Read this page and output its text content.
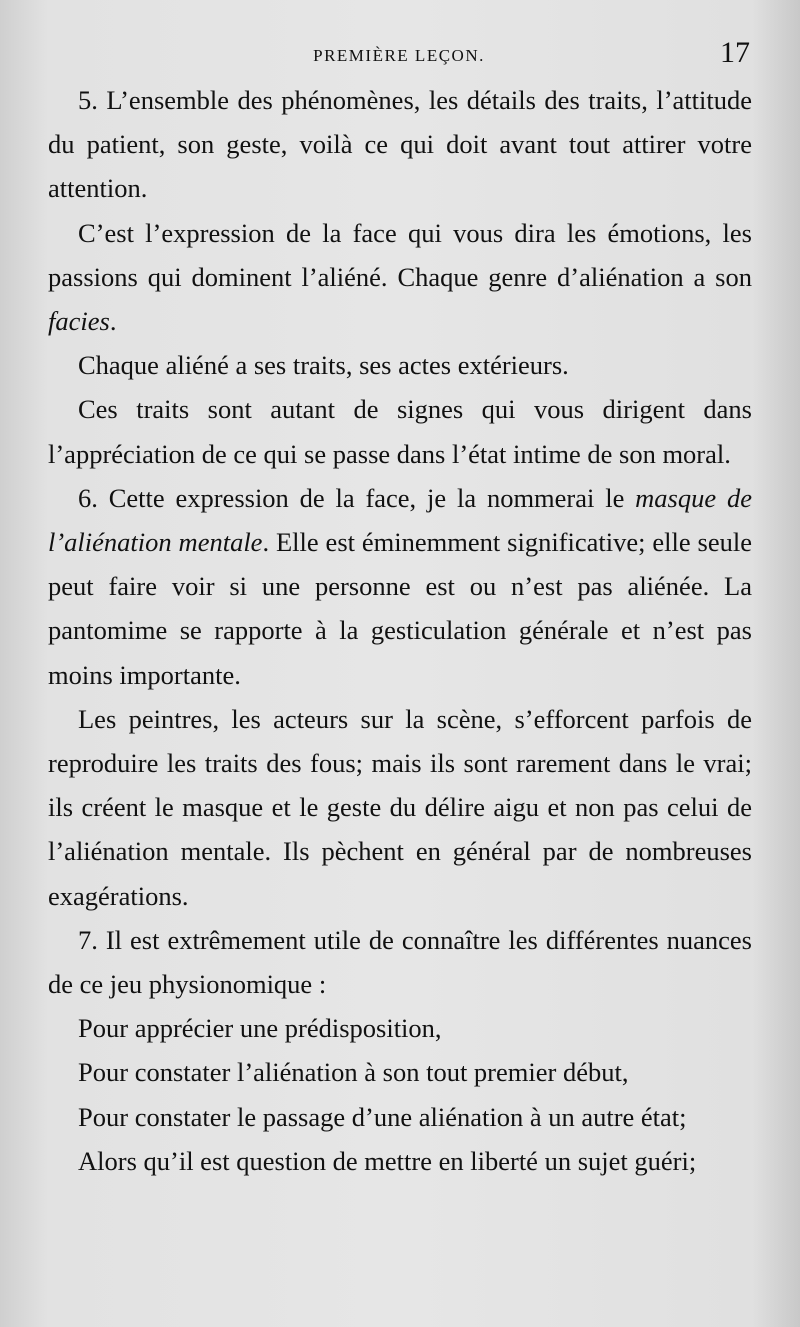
PREMIÈRE LEÇON.	17

5. L’ensemble des phénomènes, les détails des traits, l’attitude du patient, son geste, voilà ce qui doit avant tout attirer votre attention.

C’est l’expression de la face qui vous dira les émotions, les passions qui dominent l’aliéné. Chaque genre d’aliénation a son facies.

Chaque aliéné a ses traits, ses actes extérieurs.

Ces traits sont autant de signes qui vous dirigent dans l’appréciation de ce qui se passe dans l’état intime de son moral.

6. Cette expression de la face, je la nommerai le masque de l’aliénation mentale. Elle est éminemment significative; elle seule peut faire voir si une personne est ou n’est pas aliénée. La pantomime se rapporte à la gesticulation générale et n’est pas moins importante.

Les peintres, les acteurs sur la scène, s’efforcent parfois de reproduire les traits des fous; mais ils sont rarement dans le vrai; ils créent le masque et le geste du délire aigu et non pas celui de l’aliénation mentale. Ils pèchent en général par de nombreuses exagérations.

7. Il est extrêmement utile de connaître les différentes nuances de ce jeu physionomique :

Pour apprécier une prédisposition,

Pour constater l’aliénation à son tout premier début,

Pour constater le passage d’une aliénation à un autre état;

Alors qu’il est question de mettre en liberté un sujet guéri;
